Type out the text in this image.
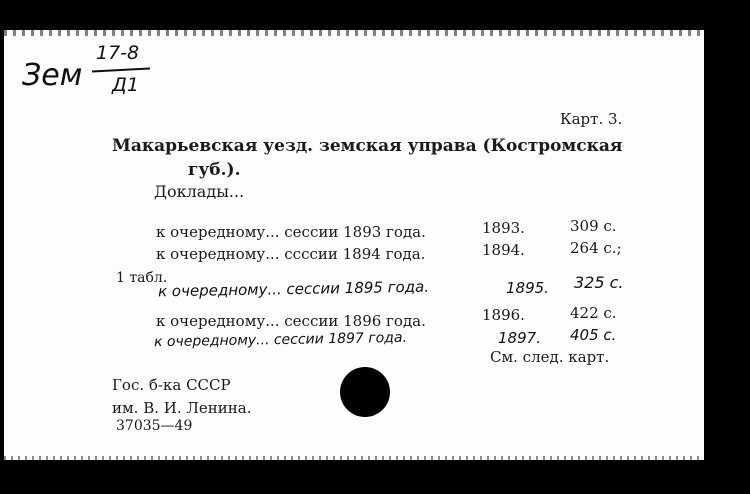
Зем
17-8
Д1
Карт. 3.
Макарьевская уезд. земская управа (Костромская
губ.).
Доклады...
к очередному... сессии 1893 года.	1893.	309 с.
к очередному... ссссии 1894 года.	1894.	264 с.;
1 табл.
к очередному... сессии 1895 года.	1895. 325 с.
к очередному... сессии 1896 года.	1896.	422 с.
к очередному... сессии 1897 года.	1897. 405 с.
См. след. карт.
Гос. б-ка СССР
им. В. И. Ленина.
37035—49
